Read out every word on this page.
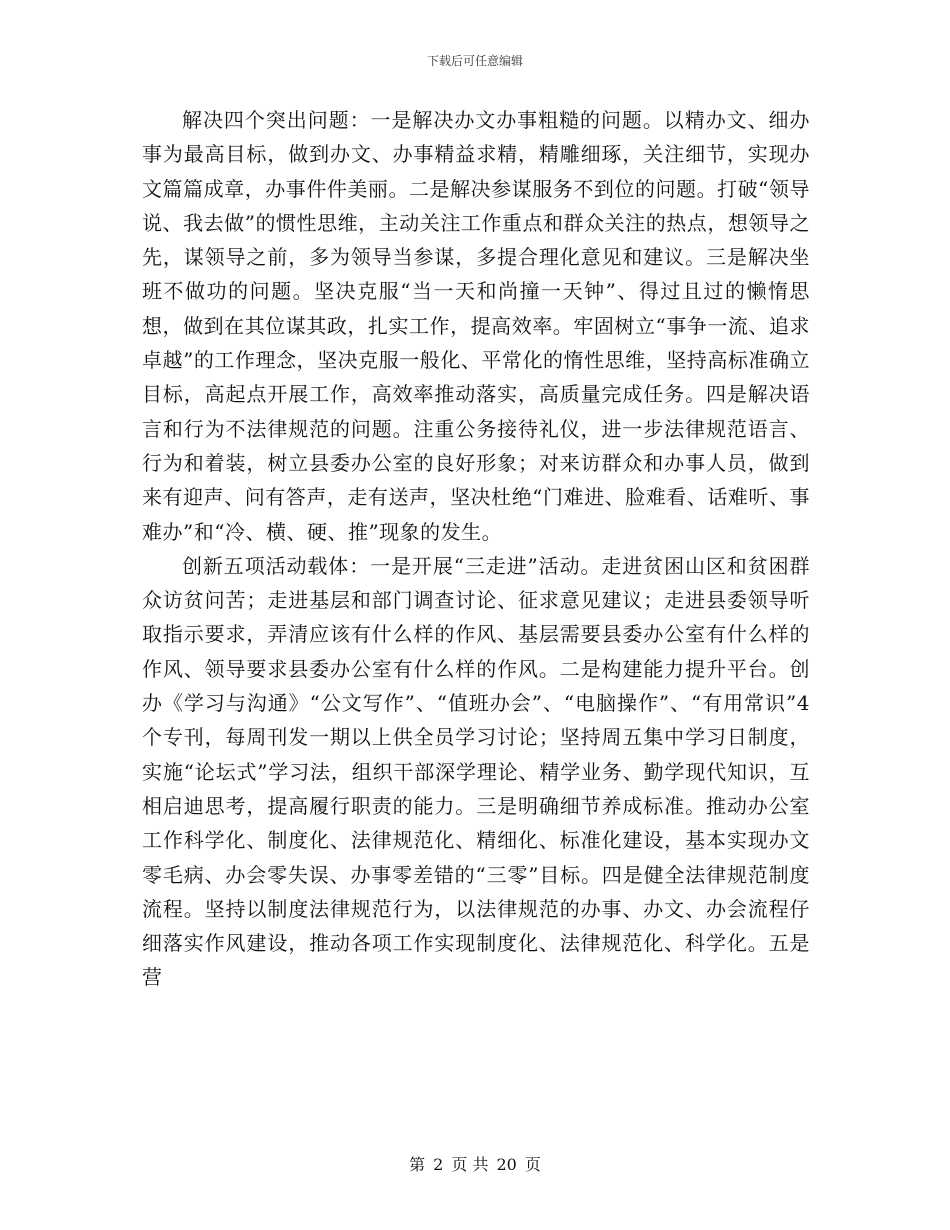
下载后可任意编辑

解决四个突出问题：一是解决办文办事粗糙的问题。以精办文、细办事为最高目标，做到办文、办事精益求精，精雕细琢，关注细节，实现办文篇篇成章，办事件件美丽。二是解决参谋服务不到位的问题。打破“领导说、我去做”的惯性思维，主动关注工作重点和群众关注的热点，想领导之先，谋领导之前，多为领导当参谋，多提合理化意见和建议。三是解决坐班不做功的问题。坚决克服“当一天和尚撞一天钟”、得过且过的懒惰思想，做到在其位谋其政，扎实工作，提高效率。牢固树立“事争一流、追求卓越”的工作理念，坚决克服一般化、平常化的惰性思维，坚持高标准确立目标，高起点开展工作，高效率推动落实，高质量完成任务。四是解决语言和行为不法律规范的问题。注重公务接待礼仪，进一步法律规范语言、行为和着装，树立县委办公室的良好形象；对来访群众和办事人员，做到来有迎声、问有答声，走有送声，坚决杜绝“门难进、脸难看、话难听、事难办”和“冷、横、硬、推”现象的发生。

创新五项活动载体：一是开展“三走进”活动。走进贫困山区和贫困群众访贫问苦；走进基层和部门调查讨论、征求意见建议；走进县委领导听取指示要求，弄清应该有什么样的作风、基层需要县委办公室有什么样的作风、领导要求县委办公室有什么样的作风。二是构建能力提升平台。创办《学习与沟通》“公文写作”、“值班办会”、“电脑操作”、“有用常识”4个专刊，每周刊发一期以上供全员学习讨论；坚持周五集中学习日制度，实施“论坛式”学习法，组织干部深学理论、精学业务、勤学现代知识，互相启迪思考，提高履行职责的能力。三是明确细节养成标准。推动办公室工作科学化、制度化、法律规范化、精细化、标准化建设，基本实现办文零毛病、办会零失误、办事零差错的“三零”目标。四是健全法律规范制度流程。坚持以制度法律规范行为，以法律规范的办事、办文、办会流程仔细落实作风建设，推动各项工作实现制度化、法律规范化、科学化。五是营

第 2 页 共 20 页
